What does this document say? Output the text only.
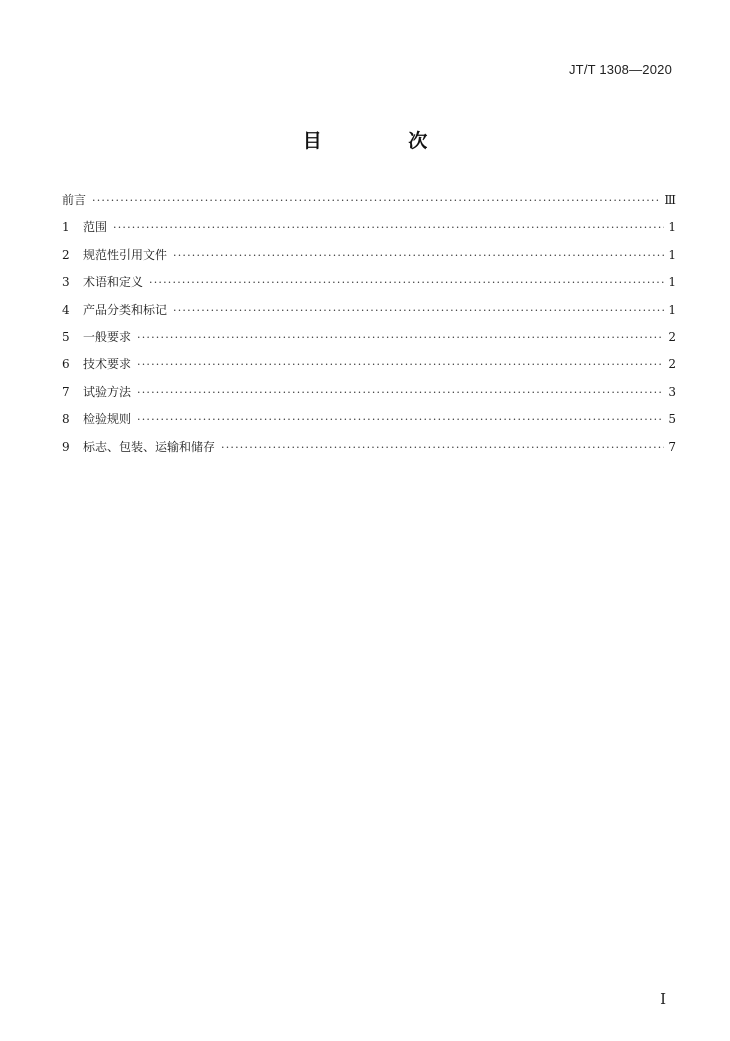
JT/T 1308—2020
目 次
前言 ·····	Ⅲ
1	范围 ·····	1
2	规范性引用文件 ·····	1
3	术语和定义 ·····	1
4	产品分类和标记 ·····	1
5	一般要求 ·····	2
6	技术要求 ·····	2
7	试验方法 ·····	3
8	检验规则 ·····	5
9	标志、包装、运输和储存 ·····	7
I
